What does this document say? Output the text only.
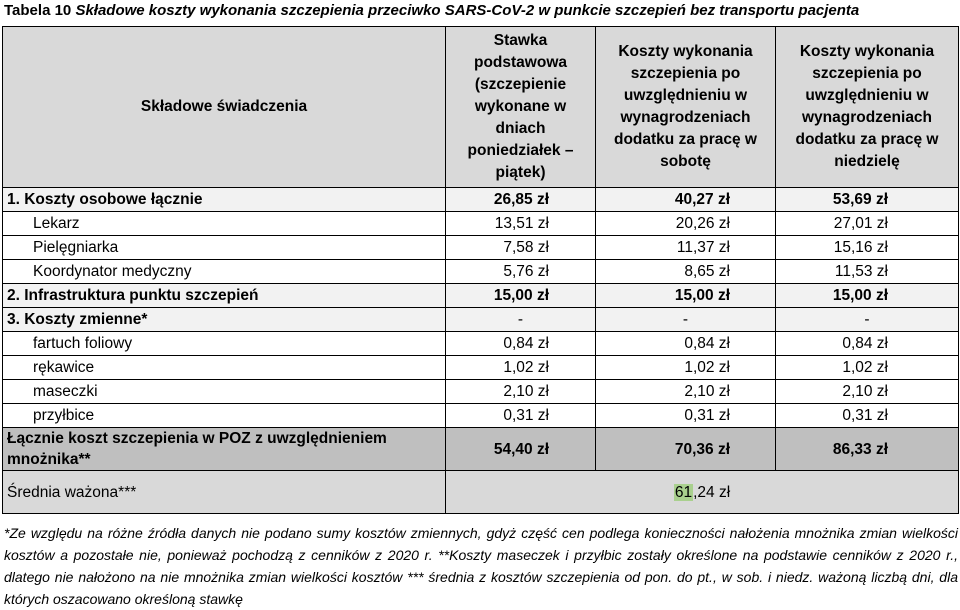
Tabela 10 Składowe koszty wykonania szczepienia przeciwko SARS-CoV-2 w punkcie szczepień bez transportu pacjenta
Składowe świadczenia	Stawka podstawowa (szczepienie wykonane w dniach poniedziałek – piątek)	Koszty wykonania szczepienia po uwzględnieniu w wynagrodzeniach dodatku za pracę w sobotę	Koszty wykonania szczepienia po uwzględnieniu w wynagrodzeniach dodatku za pracę w niedzielę
1. Koszty osobowe łącznie	26,85 zł	40,27 zł	53,69 zł
Lekarz	13,51 zł	20,26 zł	27,01 zł
Pielęgniarka	7,58 zł	11,37 zł	15,16 zł
Koordynator medyczny	5,76 zł	8,65 zł	11,53 zł
2. Infrastruktura punktu szczepień	15,00 zł	15,00 zł	15,00 zł
3. Koszty zmienne*	-	-	-
fartuch foliowy	0,84 zł	0,84 zł	0,84 zł
rękawice	1,02 zł	1,02 zł	1,02 zł
maseczki	2,10 zł	2,10 zł	2,10 zł
przyłbice	0,31 zł	0,31 zł	0,31 zł
Łącznie koszt szczepienia w POZ z uwzględnieniem mnożnika**	54,40 zł	70,36 zł	86,33 zł
Średnia ważona***	61,24 zł		
*Ze względu na różne źródła danych nie podano sumy kosztów zmiennych, gdyż część cen podlega konieczności nałożenia mnożnika zmian wielkości kosztów a pozostałe nie, ponieważ pochodzą z cenników z 2020 r. **Koszty maseczek i przyłbic zostały określone na podstawie cenników z 2020 r., dlatego nie nałożono na nie mnożnika zmian wielkości kosztów *** średnia z kosztów szczepienia od pon. do pt., w sob. i niedz. ważoną liczbą dni, dla których oszacowano określoną stawkę
